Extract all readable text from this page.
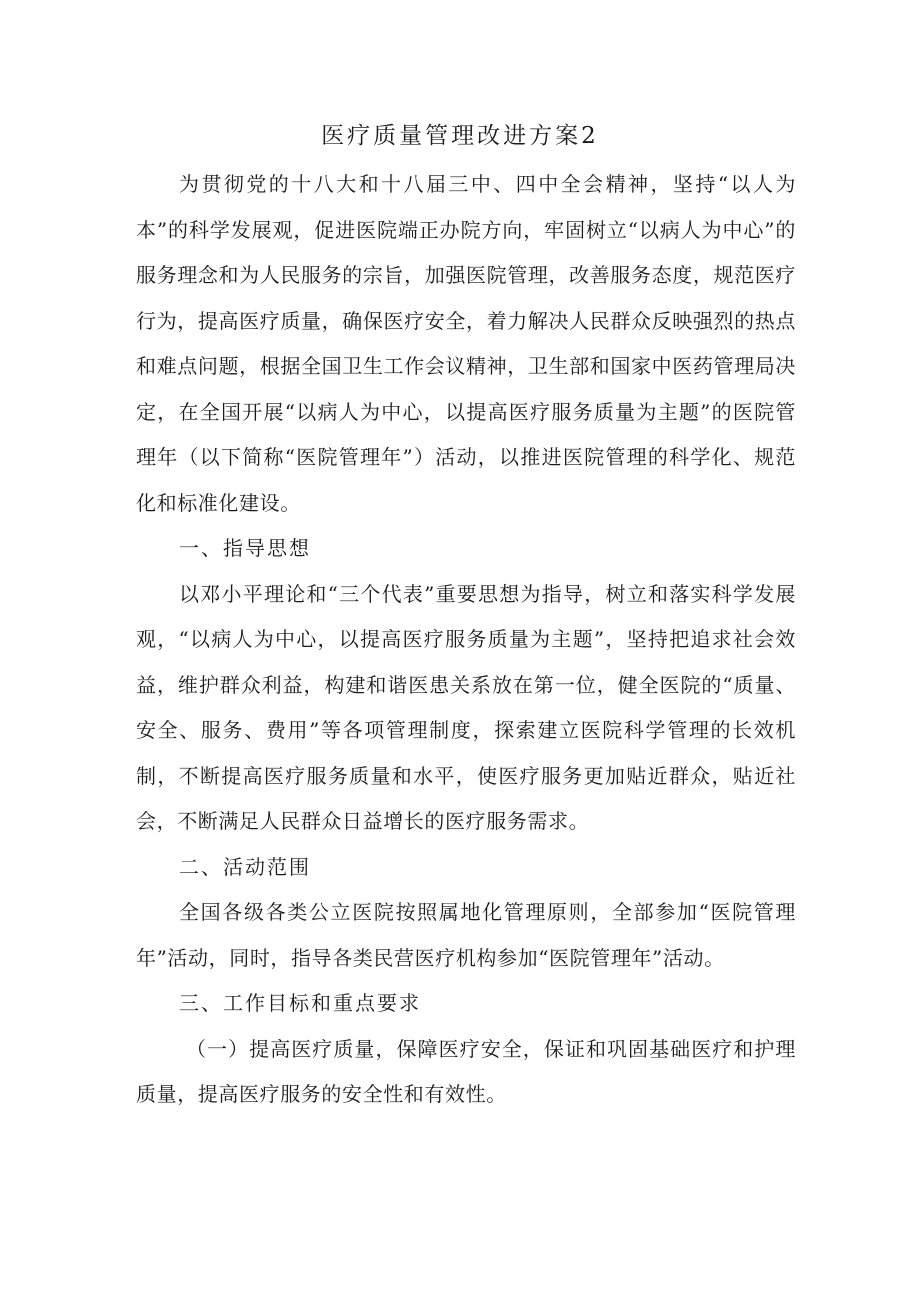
医疗质量管理改进方案2

为贯彻党的十八大和十八届三中、四中全会精神，坚持“以人为本”的科学发展观，促进医院端正办院方向，牢固树立“以病人为中心”的服务理念和为人民服务的宗旨，加强医院管理，改善服务态度，规范医疗行为，提高医疗质量，确保医疗安全，着力解决人民群众反映强烈的热点和难点问题，根据全国卫生工作会议精神，卫生部和国家中医药管理局决定，在全国开展“以病人为中心，以提高医疗服务质量为主题”的医院管理年（以下简称“医院管理年”）活动，以推进医院管理的科学化、规范化和标准化建设。

一、指导思想

以邓小平理论和“三个代表”重要思想为指导，树立和落实科学发展观，“以病人为中心，以提高医疗服务质量为主题”，坚持把追求社会效益，维护群众利益，构建和谐医患关系放在第一位，健全医院的“质量、安全、服务、费用”等各项管理制度，探索建立医院科学管理的长效机制，不断提高医疗服务质量和水平，使医疗服务更加贴近群众，贴近社会，不断满足人民群众日益增长的医疗服务需求。

二、活动范围

全国各级各类公立医院按照属地化管理原则，全部参加“医院管理年”活动，同时，指导各类民营医疗机构参加“医院管理年”活动。

三、工作目标和重点要求

（一）提高医疗质量，保障医疗安全，保证和巩固基础医疗和护理质量，提高医疗服务的安全性和有效性。
